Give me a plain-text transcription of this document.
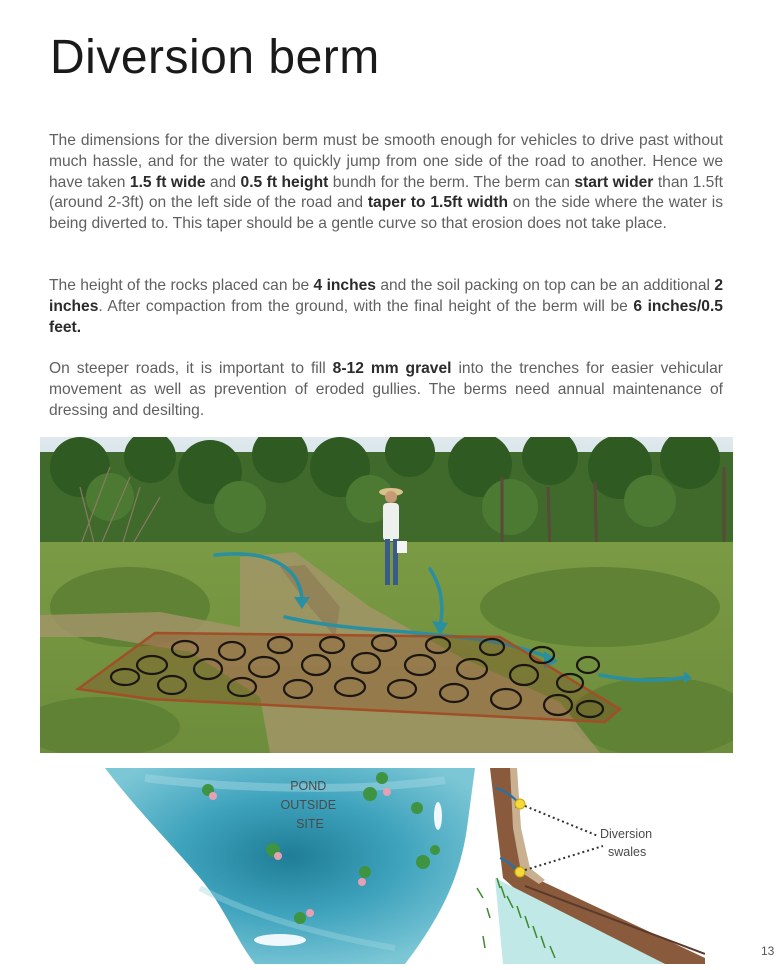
Diversion berm

The dimensions for the diversion berm must be smooth enough for vehicles to drive past without much hassle, and for the water to quickly jump from one side of the road to another. Hence we have taken 1.5 ft wide and 0.5 ft height bundh for the berm. The berm can start wider than 1.5ft (around 2-3ft) on the left side of the road and taper to 1.5ft width on the side where the water is being diverted to. This taper should be a gentle curve so that erosion does not take place.

The height of the rocks placed can be 4 inches and the soil packing on top can be an additional 2 inches. After compaction from the ground, with the final height of the berm will be 6 inches/0.5 feet.

On steeper roads, it is important to fill 8-12 mm gravel into the trenches for easier vehicular movement as well as prevention of eroded gullies. The berms need annual maintenance of dressing and desilting.

POND OUTSIDE SITE
Diversion swales
13
